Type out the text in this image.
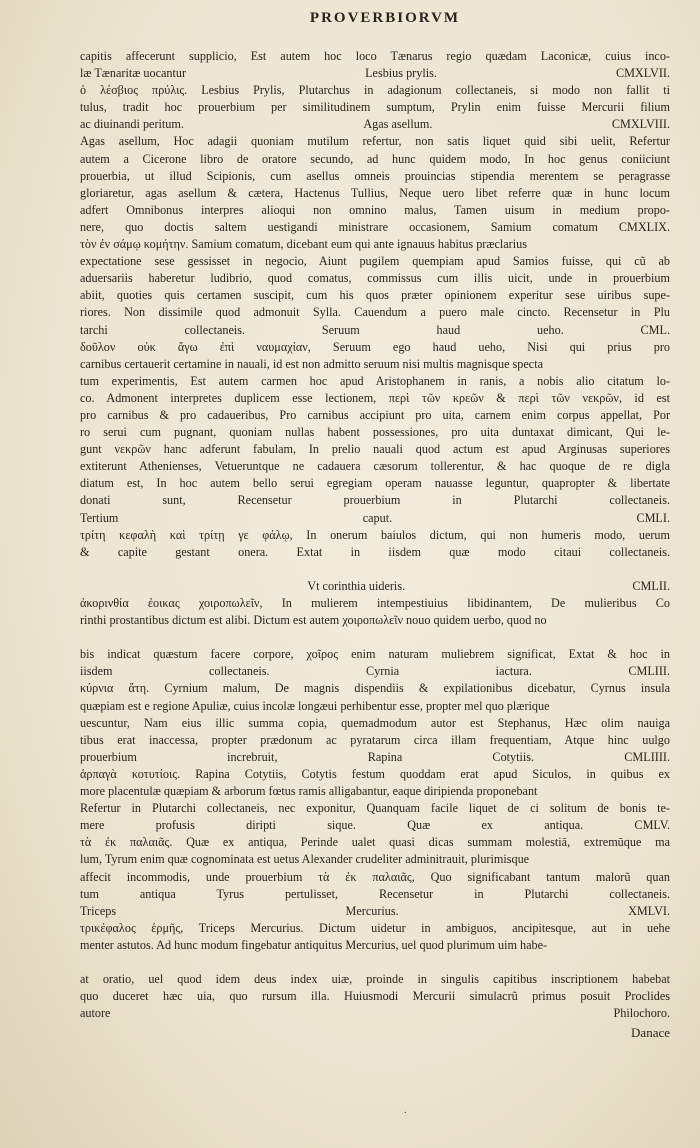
PROVERBIORVM
capitis affecerunt supplicio, Est autem hoc loco Tænarus regio quædam Laconicæ, cuius inco-
læ Tænaritæ uocantur	Lesbius prylis.	CMXLVII.
ὁ λέσβιος πρύλις. Lesbius Prylis, Plutarchus in adagionum collectaneis, si modo non fallit ti
tulus, tradit hoc prouerbium per similitudinem sumptum, Prylin enim fuisse Mercurii filium
ac diuinandi peritum.	Agas asellum.	CMXLVIII.
Agas asellum, Hoc adagii quoniam mutilum refertur, non satis liquet quid sibi uelit, Refertur
autem a Cicerone libro de oratore secundo, ad hunc quidem modo, In hoc genus coniiciunt
prouerbia, ut illud Scipionis, cum asellus omneis prouincias stipendia merentem se peragrasse
gloriaretur, agas asellum & cætera, Hactenus Tullius, Neque uero libet referre quæ in hunc locum
adfert Omnibonus interpres alioqui non omnino malus, Tamen uisum in medium propo-
nere, quo doctis saltem uestigandi ministrare occasionem, Samium comatum CMXLIX.
τὸν ἐν σάμῳ κομήτην. Samium comatum, dicebant eum qui ante ignauus habitus præclarius
expectatione sese gessisset in negocio, Aiunt pugilem quempiam apud Samios fuisse, qui cũ ab
aduersariis haberetur ludibrio, quod comatus, commissus cum illis uicit, unde in prouerbium
abiit, quoties quis certamen suscipit, cum his quos præter opinionem experitur sese uiribus supe-
riores. Non dissimile quod admonuit Sylla. Cauendum a puero male cincto. Recensetur in Plu
tarchi collectaneis. Seruum haud ueho. CML.
δοῦλον οὐκ ἄγω ἐπὶ ναυμαχίαν, Seruum ego haud ueho, Nisi qui prius pro
carnibus certauerit certamine in nauali, id est non admitto seruum nisi multis magnisque specta
tum experimentis, Est autem carmen hoc apud Aristophanem in ranis, a nobis alio citatum lo-
co. Admonent interpretes duplicem esse lectionem, περὶ τῶν κρεῶν & περὶ τῶν νεκρῶν, id est
pro carnibus & pro cadaueribus, Pro carnibus accipiunt pro uita, carnem enim corpus appellat, Por
ro serui cum pugnant, quoniam nullas habent possessiones, pro uita duntaxat dimicant, Qui le-
gunt νεκρῶν hanc adferunt fabulam, In prelio nauali quod actum est apud Arginusas superiores
extiterunt Athenienses, Vetueruntque ne cadauera cæsorum tollerentur, & hac quoque de re digla
diatum est, In hoc autem bello serui egregiam operam nauasse leguntur, quapropter & libertate
donati sunt, Recensetur prouerbium in Plutarchi collectaneis.
Tertium caput. CMLI.
τρίτη κεφαλὴ καὶ τρίτῃ γε φάλῳ, In onerum baiulos dictum, qui non humeris modo, uerum
& capite gestant onera. Extat in iisdem quæ modo citaui collectaneis.
Vt corinthia uideris.	CMLII.
ἀκορινθία ἐοικας χοιροπωλεῖν, In mulierem intempestiuius libidinantem, De mulieribus Co
rinthi prostantibus dictum est alibi. Dictum est autem χοιροπωλεῖν nouo quidem uerbo, quod no
bis indicat quæstum facere corpore, χοῖρος enim naturam muliebrem significat, Extat & hoc in
iisdem collectaneis. Cyrnia iactura. CMLIII.
κύρνια ἄτη. Cyrnium malum, De magnis dispendiis & expilationibus dicebatur, Cyrnus insula
quæpiam est e regione Apuliæ, cuius incolæ longæui perhibentur esse, propter mel quo plærique
uescuntur, Nam eius illic summa copia, quemadmodum autor est Stephanus, Hæc olim nauiga
tibus erat inaccessa, propter prædonum ac pyratarum circa illam frequentiam, Atque hinc uulgo
prouerbium increbruit, Rapina Cotytiis. CMLIIII.
ἁρπαγὰ κοτυτίοις. Rapina Cotytiis, Cotytis festum quoddam erat apud Siculos, in quibus ex
more placentulæ quæpiam & arborum fœtus ramis alligabantur, eaque diripienda proponebant
Refertur in Plutarchi collectaneis, nec exponitur, Quanquam facile liquet de ci solitum de bonis te-
mere profusis diripti sique. Quæ ex antiqua. CMLV.
τὰ ἐκ παλαιᾶς. Quæ ex antiqua, Perinde ualet quasi dicas summam molestiā, extremūque ma
lum, Tyrum enim quæ cognominata est uetus Alexander crudeliter adminitrauit, plurimisque
affecit incommodis, unde prouerbium τὰ ἐκ παλαιᾶς, Quo significabant tantum malorũ quan
tum antiqua Tyrus pertulisset, Recensetur in Plutarchi collectaneis.
Triceps Mercurius. XMLVI.
τρικέφαλος ἑρμῆς, Triceps Mercurius. Dictum uidetur in ambiguos, ancipitesque, aut in uehe
menter astutos. Ad hunc modum fingebatur antiquitus Mercurius, uel quod plurimum uim habe-
at oratio, uel quod idem deus index uiæ, proinde in singulis capitibus inscriptionem habebat
quo duceret hæc uia, quo rursum illa. Huiusmodi Mercurii simulacrũ primus posuit Proclides
autore Philochoro.
Danace
.
